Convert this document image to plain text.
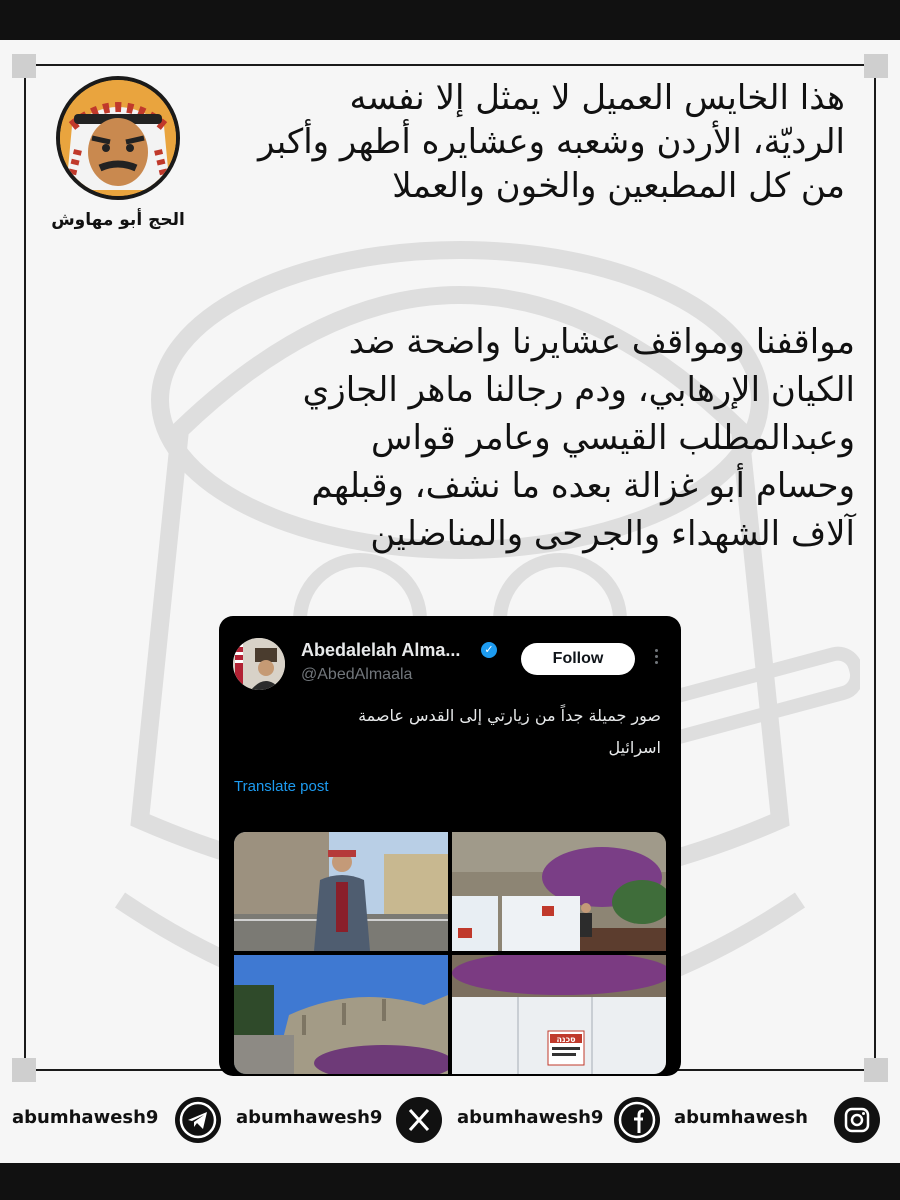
الحج أبو مهاوش
هذا الخايس العميل لا يمثل إلا نفسه
الرديّة، الأردن وشعبه وعشايره أطهر وأكبر
من كل المطبعين والخون والعملا
مواقفنا ومواقف عشايرنا واضحة ضد
الكيان الإرهابي، ودم رجالنا ماهر الجازي
وعبدالمطلب القيسي وعامر قواس
وحسام أبو غزالة بعده ما نشف، وقبلهم
آلاف الشهداء والجرحى والمناضلين
Abedalelah Alma...	✓
@AbedAlmaala
Follow
صور جميلة جداً من زيارتي إلى القدس عاصمة
اسرائيل
Translate post
סכנה
abumhawesh9	abumhawesh9	abumhawesh9	abumhawesh
